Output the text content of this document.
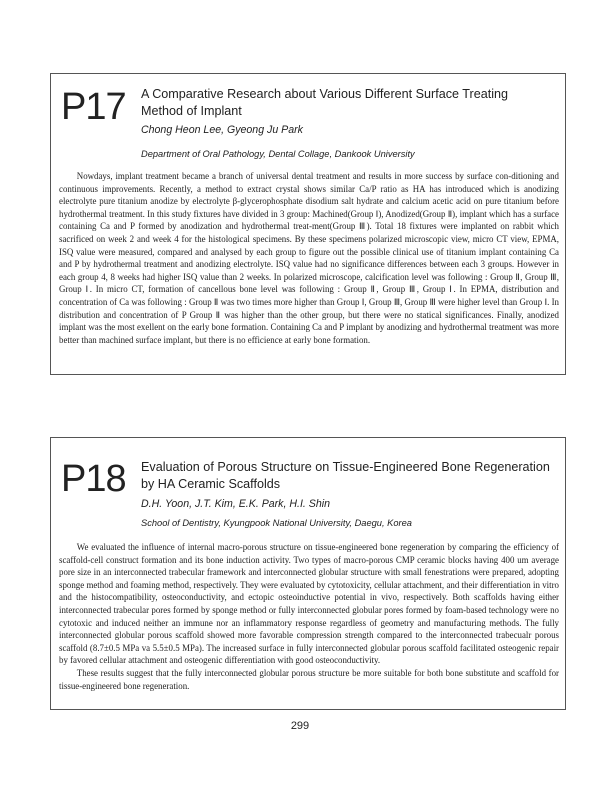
P17 A Comparative Research about Various Different Surface Treating Method of Implant
Chong Heon Lee, Gyeong Ju Park
Department of Oral Pathology, Dental Collage, Dankook University

Nowdays, implant treatment became a branch of universal dental treatment and results in more success by surface con-ditioning and continuous improvements. Recently, a method to extract crystal shows similar Ca/P ratio as HA has introduced which is anodizing electrolyte pure titanium anodize by electrolyte β-glycerophosphate disodium salt hydrate and calcium acetic acid on pure titanium before hydrothermal treatment. In this study fixtures have divided in 3 group: Machined(Group Ⅰ), Anodized(Group Ⅱ), implant which has a surface containing Ca and P formed by anodization and hydrothermal treat-ment(Group Ⅲ). Total 18 fixtures were implanted on rabbit which sacrificed on week 2 and week 4 for the histological specimens. By these specimens polarized microscopic view, micro CT view, EPMA, ISQ value were measured, compared and analysed by each group to figure out the possible clinical use of titanium implant containing Ca and P by hydrothermal treatment and anodizing electrolyte. ISQ value had no significance differences between each 3 groups. However in each group 4, 8 weeks had higher ISQ value than 2 weeks. In polarized microscope, calcification level was following : Group Ⅱ, Group Ⅲ, Group Ⅰ. In micro CT, formation of cancellous bone level was following : Group Ⅱ, Group Ⅲ, Group Ⅰ. In EPMA, distribution and concentration of Ca was following : Group Ⅱ was two times more higher than Group Ⅰ, Group Ⅲ, Group Ⅲ were higher level than Group Ⅰ. In distribution and concentration of P Group Ⅱ was higher than the other group, but there were no statical significances. Finally, anodized implant was the most exellent on the early bone formation. Containing Ca and P implant by anodizing and hydrothermal treatment was more better than machined surface implant, but there is no efficience at early bone formation.

P18 Evaluation of Porous Structure on Tissue-Engineered Bone Regeneration by HA Ceramic Scaffolds
D.H. Yoon, J.T. Kim, E.K. Park, H.I. Shin
School of Dentistry, Kyungpook National University, Daegu, Korea

We evaluated the influence of internal macro-porous structure on tissue-engineered bone regeneration by comparing the efficiency of scaffold-cell construct formation and its bone induction activity. Two types of macro-porous CMP ceramic blocks having 400 um average pore size in an interconnected trabecular framework and interconnected globular structure with small fenestrations were prepared, adopting sponge method and foaming method, respectively. They were evaluated by cytotoxicity, cellular attachment, and their differentiation in vitro and the histocompatibility, osteoconductivity, and ectopic osteoinductive potential in vivo, respectively. Both scaffolds having either interconnected trabecular pores formed by sponge method or fully interconnected globular pores formed by foam-based technology were no cytotoxic and induced neither an immune nor an inflammatory response regardless of geometry and manufacturing methods. The fully interconnected globular porous scaffold showed more favorable compression strength compared to the interconnected trabecualr porous scaffold (8.7±0.5 MPa va 5.5±0.5 MPa). The increased surface in fully interconnected globular porous scaffold facilitated osteogenic repair by favored cellular attachment and osteogenic differentiation with good osteoconductivity.

These results suggest that the fully interconnected globular porous structure be more suitable for both bone substitute and scaffold for tissue-engineered bone regeneration.

299
